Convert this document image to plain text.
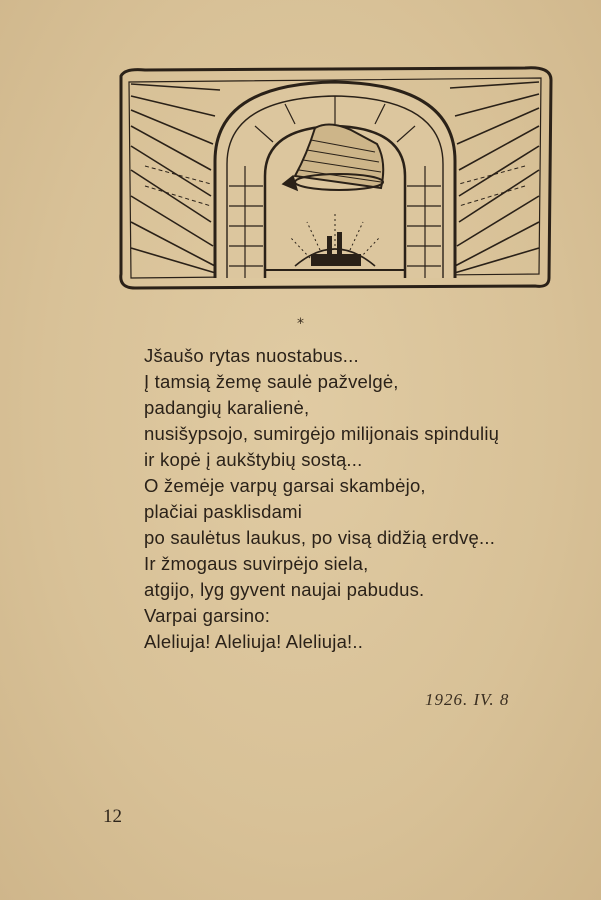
*
Jšaušo rytas nuostabus...
Į tamsią žemę saulė pažvelgė,
padangių karalienė,
nusišypsojo, sumirgėjo milijonais spindulių
ir kopė į aukštybių sostą...
O žemėje varpų garsai skambėjo,
plačiai pasklisdami
po saulėtus laukus, po visą didžią erdvę...
Ir žmogaus suvirpėjo siela,
atgijo, lyg gyvent naujai pabudus.
Varpai garsino:
Aleliuja! Aleliuja! Aleliuja!..
1926. IV. 8
12
